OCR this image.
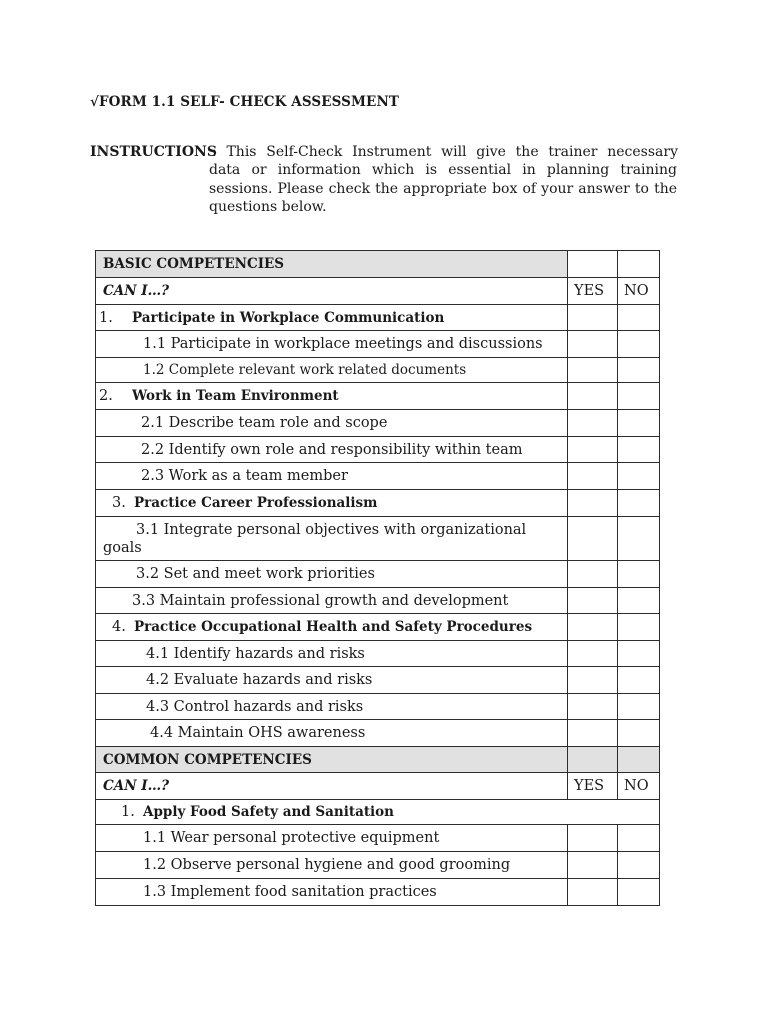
√FORM 1.1 SELF- CHECK ASSESSMENT
: This Self-Check Instrument will give the trainer necessary
INSTRUCTIONS
data or information which is essential in planning training sessions. Please check the appropriate box of your answer to the questions below.
BASIC COMPETENCIES		
CAN I…?	YES	NO
1. Participate in Workplace Communication		
1.1 Participate in workplace meetings and discussions		
1.2 Complete relevant work related documents		
2. Work in Team Environment		
2.1 Describe team role and scope		
2.2 Identify own role and responsibility within team		
2.3 Work as a team member		
3. Practice Career Professionalism		
3.1 Integrate personal objectives with organizational goals		
3.2 Set and meet work priorities		
3.3 Maintain professional growth and development		
4. Practice Occupational Health and Safety Procedures		
4.1 Identify hazards and risks		
4.2 Evaluate hazards and risks		
4.3 Control hazards and risks		
4.4 Maintain OHS awareness		
COMMON COMPETENCIES		
CAN I…?	YES	NO
1. Apply Food Safety and Sanitation		
1.1 Wear personal protective equipment		
1.2 Observe personal hygiene and good grooming		
1.3 Implement food sanitation practices		
